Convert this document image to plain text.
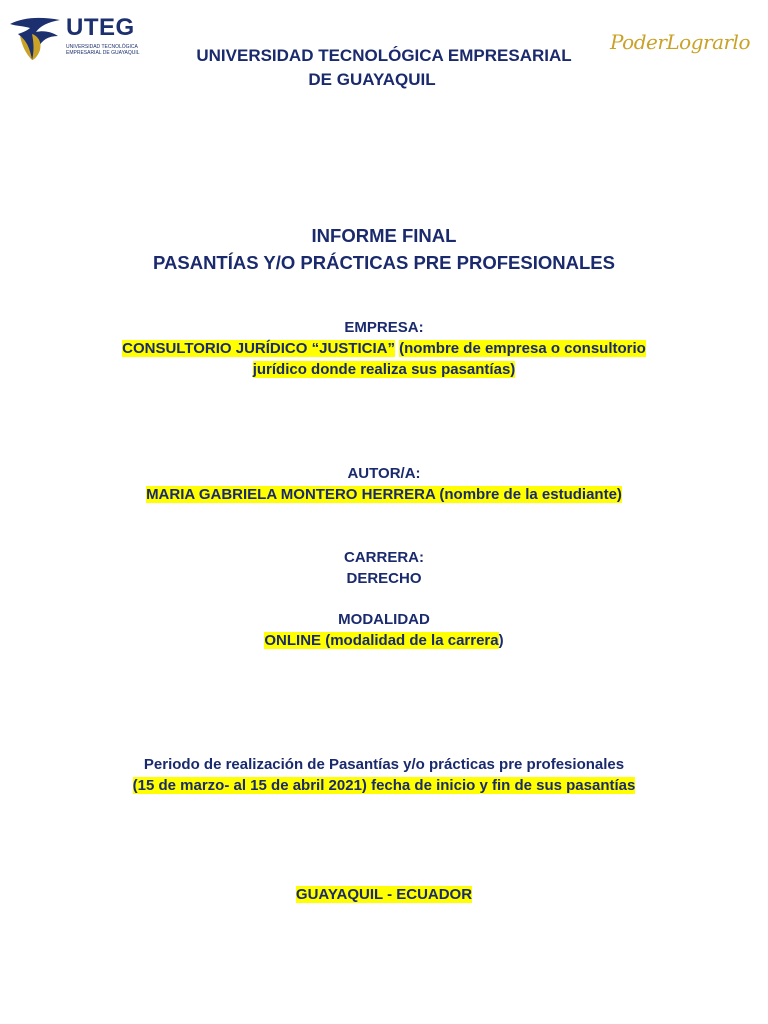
UTEG
UNIVERSIDAD TECNOLÓGICA
EMPRESARIAL DE GUAYAQUIL	PoderLograrlo
UNIVERSIDAD TECNOLÓGICA EMPRESARIAL
DE GUAYAQUIL
INFORME FINAL
PASANTÍAS Y/O PRÁCTICAS PRE PROFESIONALES
EMPRESA:
CONSULTORIO JURÍDICO “JUSTICIA” (nombre de empresa o consultorio
jurídico donde realiza sus pasantías)
AUTOR/A:
MARIA GABRIELA MONTERO HERRERA (nombre de la estudiante)
CARRERA:
DERECHO
MODALIDAD
ONLINE (modalidad de la carrera)
Periodo de realización de Pasantías y/o prácticas pre profesionales
(15 de marzo- al 15 de abril 2021) fecha de inicio y fin de sus pasantías
GUAYAQUIL - ECUADOR
